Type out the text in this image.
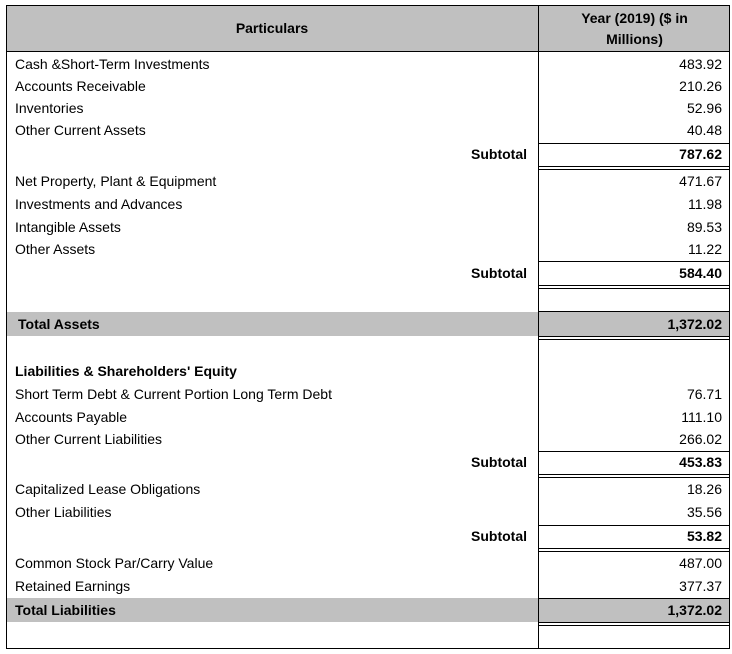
Particulars
Year (2019) ($ in
Millions)
Cash &Short-Term Investments	483.92
Accounts Receivable	210.26
Inventories	52.96
Other Current Assets	40.48
Subtotal	787.62
Net Property, Plant & Equipment	471.67
Investments and Advances	11.98
Intangible Assets	89.53
Other Assets	11.22
Subtotal	584.40
Total Assets	1,372.02
Liabilities & Shareholders' Equity
Short Term Debt & Current Portion Long Term Debt	76.71
Accounts Payable	111.10
Other Current Liabilities	266.02
Subtotal	453.83
Capitalized Lease Obligations	18.26
Other Liabilities	35.56
Subtotal	53.82
Common Stock Par/Carry Value	487.00
Retained Earnings	377.37
Total Liabilities	1,372.02
